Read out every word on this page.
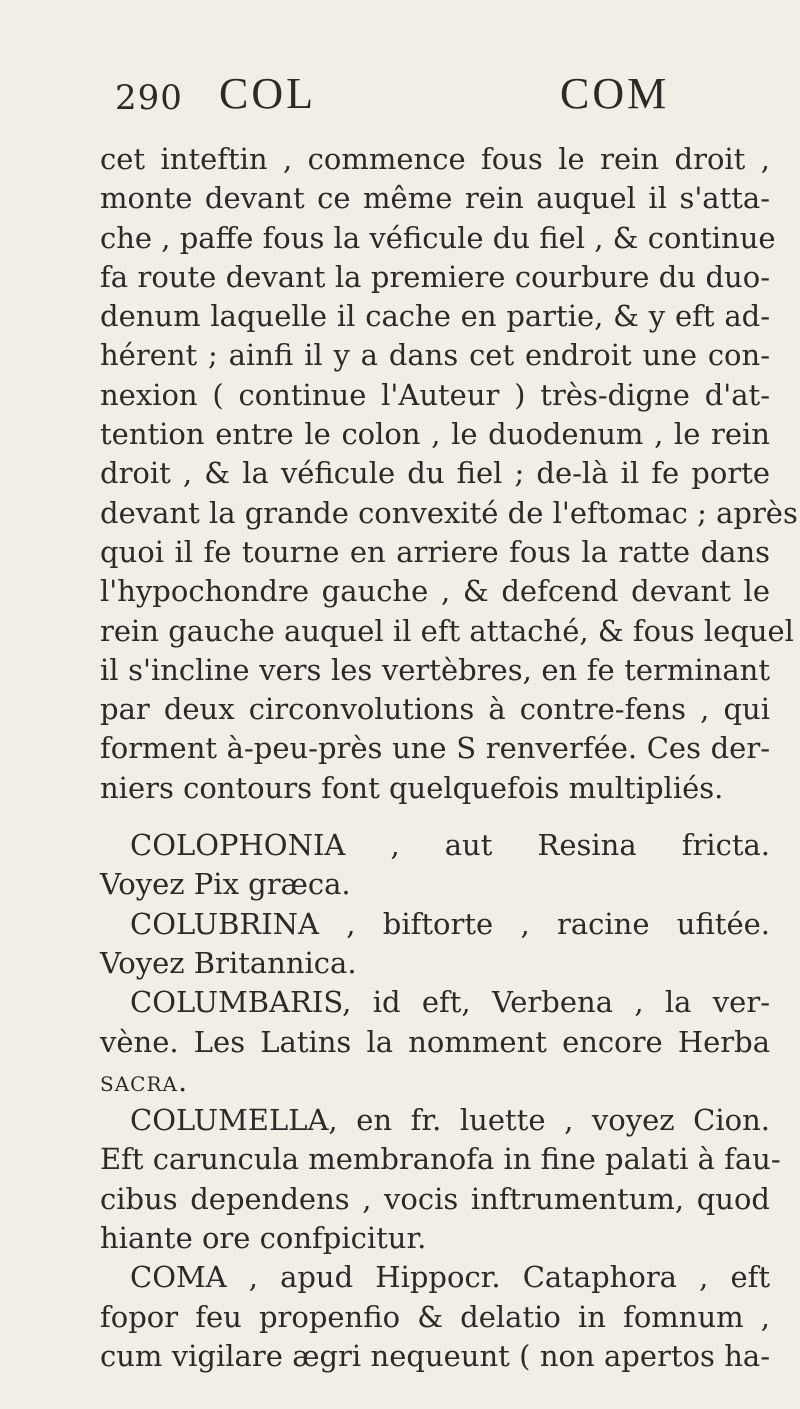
290 COL	COM
cet inteftin , commence fous le rein droit ,
monte devant ce même rein auquel il s'atta-
che , paffe fous la véficule du fiel , & continue
fa route devant la premiere courbure du duo-
denum laquelle il cache en partie, & y eft ad-
hérent ; ainfi il y a dans cet endroit une con-
nexion ( continue l'Auteur ) très-digne d'at-
tention entre le colon , le duodenum , le rein
droit , & la véficule du fiel ; de-là il fe porte
devant la grande convexité de l'eftomac ; après
quoi il fe tourne en arriere fous la ratte dans
l'hypochondre gauche , & defcend devant le
rein gauche auquel il eft attaché, & fous lequel
il s'incline vers les vertèbres, en fe terminant
par deux circonvolutions à contre-fens , qui
forment à-peu-près une S renverfée. Ces der-
niers contours font quelquefois multipliés.
COLOPHONIA , aut Resina fricta.
Voyez Pix græca.
COLUBRINA , biftorte , racine ufitée.
Voyez Britannica.
COLUMBARIS, id eft, Verbena , la ver-
vène. Les Latins la nomment encore Herba
sacra.
COLUMELLA, en fr. luette , voyez Cion.
Eft caruncula membranofa in fine palati à fau-
cibus dependens , vocis inftrumentum, quod
hiante ore confpicitur.
COMA , apud Hippocr. Cataphora , eft
fopor feu propenfio & delatio in fomnum ,
cum vigilare ægri nequeunt ( non apertos ha-
